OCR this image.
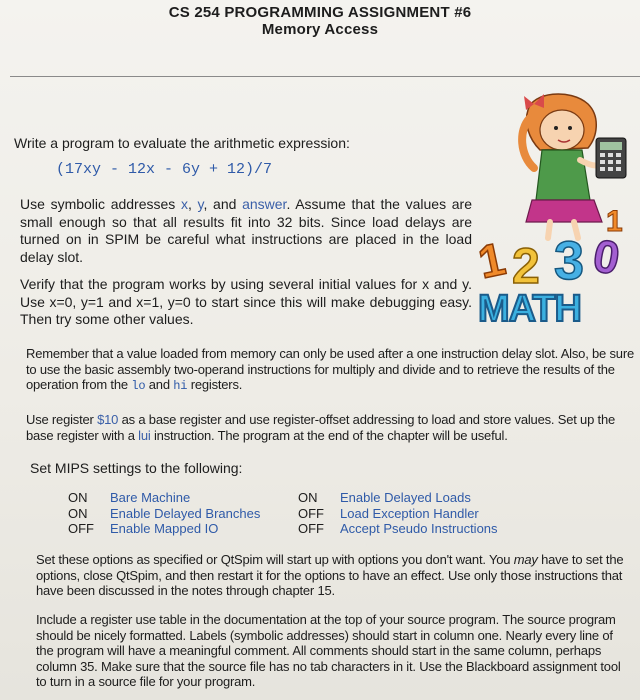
CS 254 PROGRAMMING ASSIGNMENT #6
Memory Access
Write a program to evaluate the arithmetic expression:
(17xy - 12x - 6y + 12)/7
Use symbolic addresses x, y, and answer. Assume that the values are small enough so that all results fit into 32 bits. Since load delays are turned on in SPIM be careful what instructions are placed in the load delay slot.
Verify that the program works by using several initial values for x and y. Use x=0, y=1 and x=1, y=0 to start since this will make debugging easy. Then try some other values.
Remember that a value loaded from memory can only be used after a one instruction delay slot. Also, be sure to use the basic assembly two-operand instructions for multiply and divide and to retrieve the results of the operation from the lo and hi registers.
Use register $10 as a base register and use register-offset addressing to load and store values. Set up the base register with a lui instruction. The program at the end of the chapter will be useful.
Set MIPS settings to the following:
ON Bare Machine
ON Enable Delayed Branches
OFF Enable Mapped IO
ON Enable Delayed Loads
OFF Load Exception Handler
OFF Accept Pseudo Instructions
Set these options as specified or QtSpim will start up with options you don't want. You may have to set the options, close QtSpim, and then restart it for the options to have an effect. Use only those instructions that have been discussed in the notes through chapter 15.
Include a register use table in the documentation at the top of your source program. The source program should be nicely formatted. Labels (symbolic addresses) should start in column one. Nearly every line of the program will have a meaningful comment. All comments should start in the same column, perhaps column 35. Make sure that the source file has no tab characters in it. Use the Blackboard assignment tool to turn in a source file for your program.
1 2 3 0
1
MATH
